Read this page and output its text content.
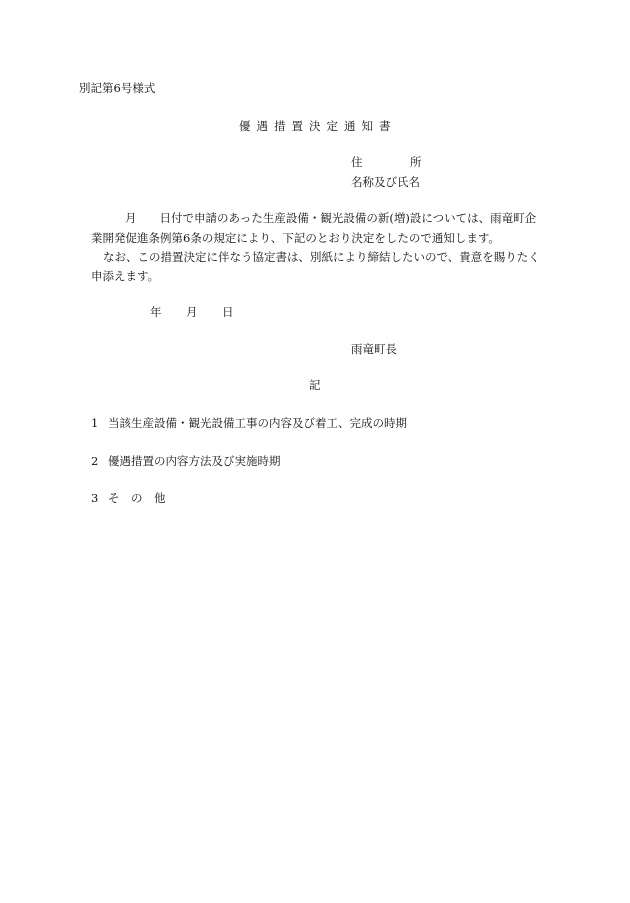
別記第6号様式
優遇措置決定通知書
住	所
名称及び氏名
月　　日付で申請のあった生産設備・観光設備の新(増)設については、雨竜町企
業開発促進条例第6条の規定により、下記のとおり決定をしたので通知します。
なお、この措置決定に伴なう協定書は、別紙により締結したいので、貴意を賜りたく
申添えます。
年 月 日
雨竜町長
記
1 当該生産設備・観光設備工事の内容及び着工、完成の時期
2 優遇措置の内容方法及び実施時期
3 そ　の　他
